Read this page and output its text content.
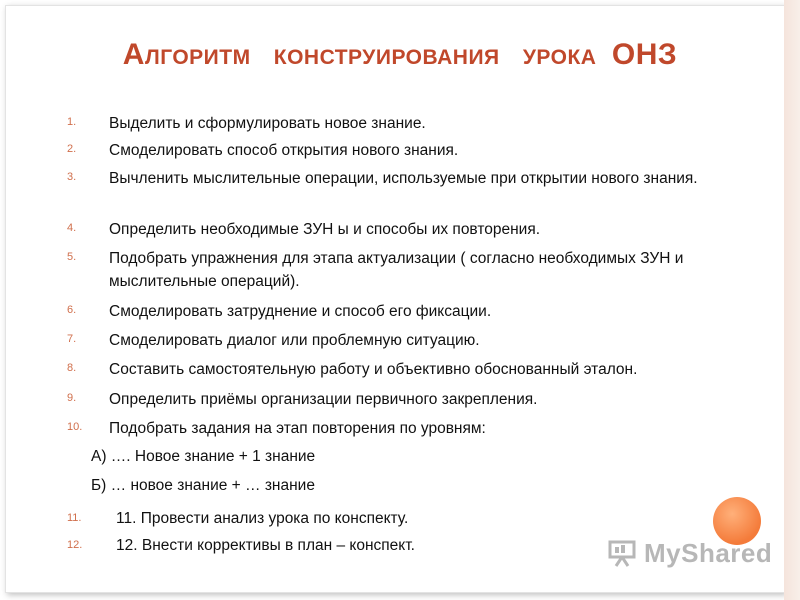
АЛГОРИТМ КОНСТРУИРОВАНИЯ УРОКА ОНЗ
1. Выделить и сформулировать новое знание.
2. Смоделировать способ открытия нового знания.
3. Вычленить мыслительные операции, используемые при открытии нового знания.
4. Определить необходимые ЗУН ы и способы их повторения.
5. Подобрать упражнения для этапа актуализации ( согласно необходимых ЗУН и мыслительные операций).
6. Смоделировать затруднение и способ его фиксации.
7. Смоделировать диалог или проблемную ситуацию.
8. Составить самостоятельную работу и объективно обоснованный эталон.
9. Определить приёмы организации первичного закрепления.
10. Подобрать задания на этап повторения по уровням:
А) …. Новое знание + 1 знание
Б) … новое знание + … знание
11. 11. Провести анализ урока по конспекту.
12. 12. Внести коррективы в план – конспект.	MyShared
